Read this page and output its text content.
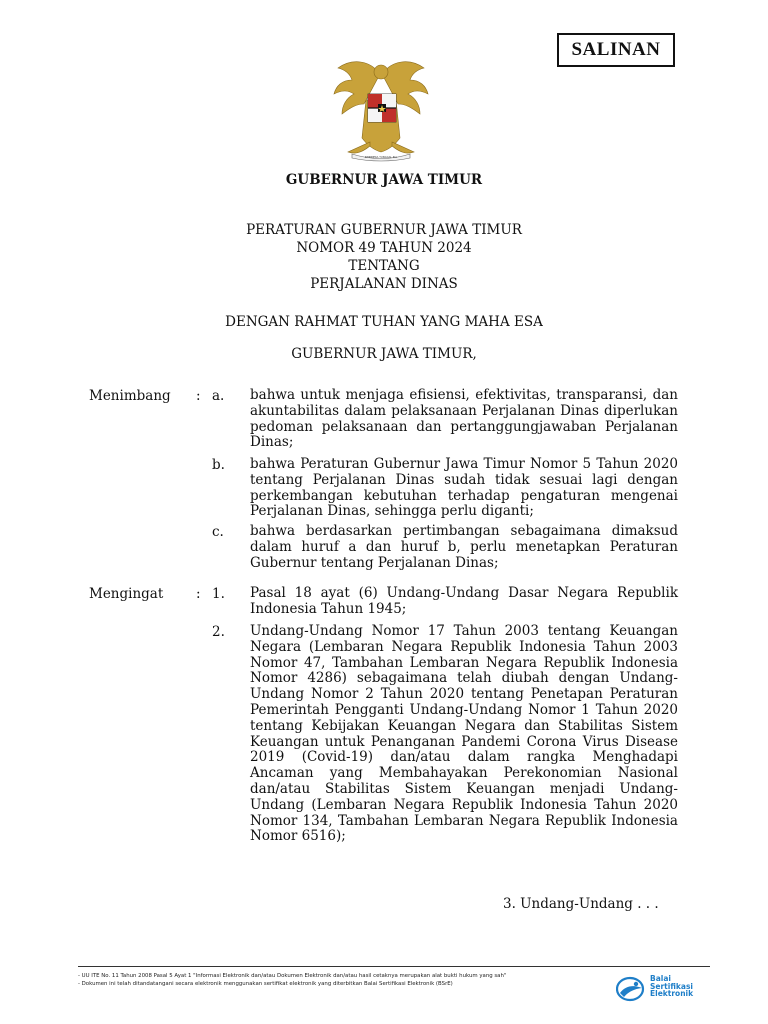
SALINAN
BHINNEKA TUNGGAL IKA
GUBERNUR JAWA TIMUR
PERATURAN GUBERNUR JAWA TIMUR
NOMOR 49 TAHUN 2024
TENTANG
PERJALANAN DINAS
DENGAN RAHMAT TUHAN YANG MAHA ESA
GUBERNUR JAWA TIMUR,
Menimbang : a. bahwa untuk menjaga efisiensi, efektivitas, transparansi, dan akuntabilitas dalam pelaksanaan Perjalanan Dinas diperlukan pedoman pelaksanaan dan pertanggungjawaban Perjalanan Dinas;
b. bahwa Peraturan Gubernur Jawa Timur Nomor 5 Tahun 2020 tentang Perjalanan Dinas sudah tidak sesuai lagi dengan perkembangan kebutuhan terhadap pengaturan mengenai Perjalanan Dinas, sehingga perlu diganti;
c. bahwa berdasarkan pertimbangan sebagaimana dimaksud dalam huruf a dan huruf b, perlu menetapkan Peraturan Gubernur tentang Perjalanan Dinas;
Mengingat : 1. Pasal 18 ayat (6) Undang-Undang Dasar Negara Republik Indonesia Tahun 1945;
2. Undang-Undang Nomor 17 Tahun 2003 tentang Keuangan Negara (Lembaran Negara Republik Indonesia Tahun 2003 Nomor 47, Tambahan Lembaran Negara Republik Indonesia Nomor 4286) sebagaimana telah diubah dengan Undang-Undang Nomor 2 Tahun 2020 tentang Penetapan Peraturan Pemerintah Pengganti Undang-Undang Nomor 1 Tahun 2020 tentang Kebijakan Keuangan Negara dan Stabilitas Sistem Keuangan untuk Penanganan Pandemi Corona Virus Disease 2019 (Covid-19) dan/atau dalam rangka Menghadapi Ancaman yang Membahayakan Perekonomian Nasional dan/atau Stabilitas Sistem Keuangan menjadi Undang-Undang (Lembaran Negara Republik Indonesia Tahun 2020 Nomor 134, Tambahan Lembaran Negara Republik Indonesia Nomor 6516);
3. Undang-Undang . . .
- UU ITE No. 11 Tahun 2008 Pasal 5 Ayat 1 "Informasi Elektronik dan/atau Dokumen Elektronik dan/atau hasil cetaknya merupakan alat bukti hukum yang sah"
- Dokumen ini telah ditandatangani secara elektronik menggunakan sertifikat elektronik yang diterbitkan Balai Sertifikasi Elektronik (BSrE)
Balai
Sertifikasi
Elektronik
